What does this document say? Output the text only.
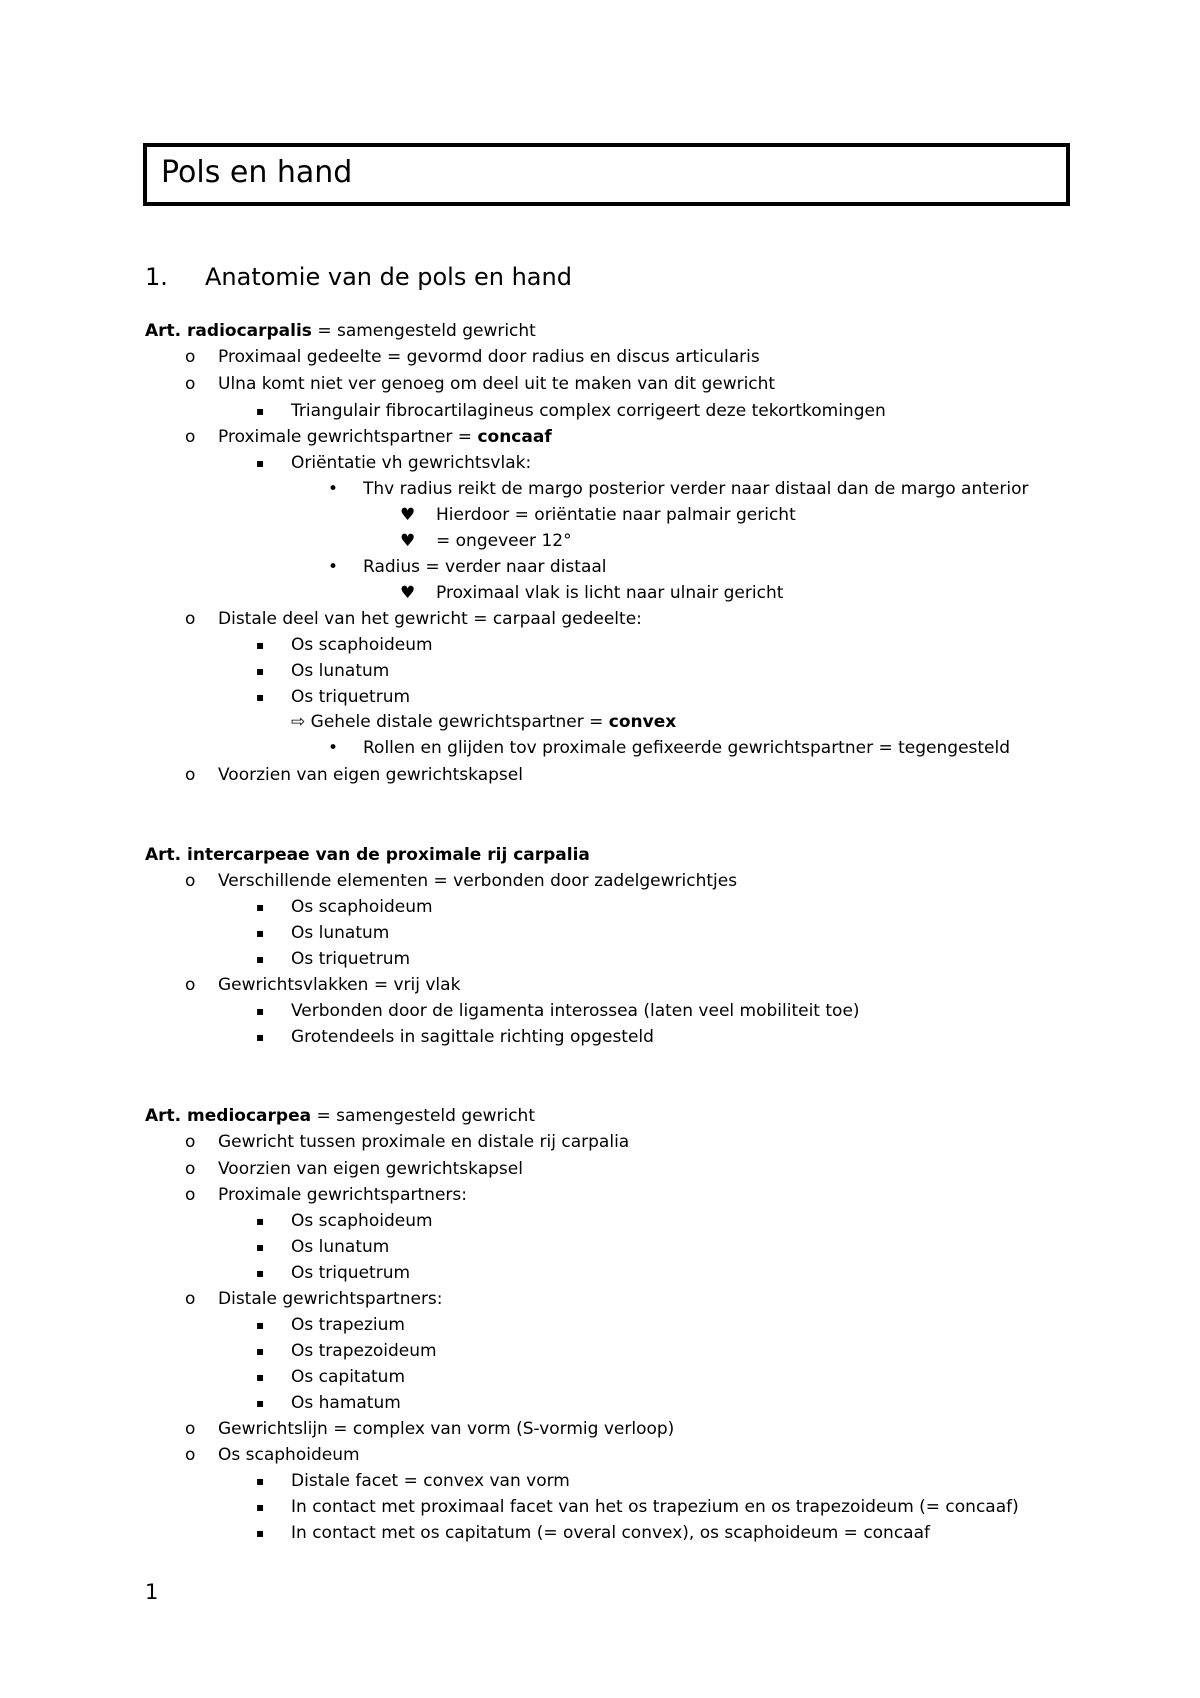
Pols en hand
1. Anatomie van de pols en hand
Art. radiocarpalis = samengesteld gewricht
o Proximaal gedeelte = gevormd door radius en discus articularis
o Ulna komt niet ver genoeg om deel uit te maken van dit gewricht
▪ Triangulair fibrocartilagineus complex corrigeert deze tekortkomingen
o Proximale gewrichtspartner = concaaf
▪ Oriëntatie vh gewrichtsvlak:
• Thv radius reikt de margo posterior verder naar distaal dan de margo anterior
♥ Hierdoor = oriëntatie naar palmair gericht
♥ = ongeveer 12°
• Radius = verder naar distaal
♥ Proximaal vlak is licht naar ulnair gericht
o Distale deel van het gewricht = carpaal gedeelte:
▪ Os scaphoideum
▪ Os lunatum
▪ Os triquetrum
⇨ Gehele distale gewrichtspartner = convex
• Rollen en glijden tov proximale gefixeerde gewrichtspartner = tegengesteld
o Voorzien van eigen gewrichtskapsel
Art. intercarpeae van de proximale rij carpalia
o Verschillende elementen = verbonden door zadelgewrichtjes
▪ Os scaphoideum
▪ Os lunatum
▪ Os triquetrum
o Gewrichtsvlakken = vrij vlak
▪ Verbonden door de ligamenta interossea (laten veel mobiliteit toe)
▪ Grotendeels in sagittale richting opgesteld
Art. mediocarpea = samengesteld gewricht
o Gewricht tussen proximale en distale rij carpalia
o Voorzien van eigen gewrichtskapsel
o Proximale gewrichtspartners:
▪ Os scaphoideum
▪ Os lunatum
▪ Os triquetrum
o Distale gewrichtspartners:
▪ Os trapezium
▪ Os trapezoideum
▪ Os capitatum
▪ Os hamatum
o Gewrichtslijn = complex van vorm (S-vormig verloop)
o Os scaphoideum
▪ Distale facet = convex van vorm
▪ In contact met proximaal facet van het os trapezium en os trapezoideum (= concaaf)
▪ In contact met os capitatum (= overal convex), os scaphoideum = concaaf
1
